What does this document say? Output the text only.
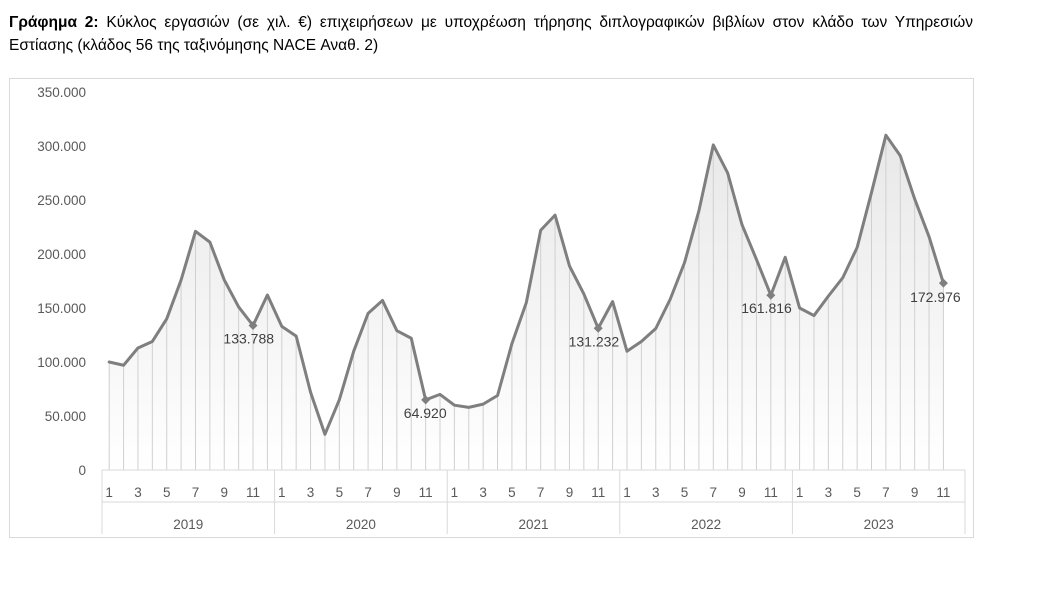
Γράφημα 2: Κύκλος εργασιών (σε χιλ. €) επιχειρήσεων με υποχρέωση τήρησης διπλογραφικών βιβλίων στον κλάδο των Υπηρεσιών Εστίασης (κλάδος 56 της ταξινόμησης NACE Αναθ. 2)
133.788
64.920
131.232
161.816
172.976
0
50.000
100.000
150.000
200.000
250.000
300.000
350.000
1 3 5 7 9 11
2019
1 3 5 7 9 11
2020
1 3 5 7 9 11
2021
1 3 5 7 9 11
2022
1 3 5 7 9 11
2023
